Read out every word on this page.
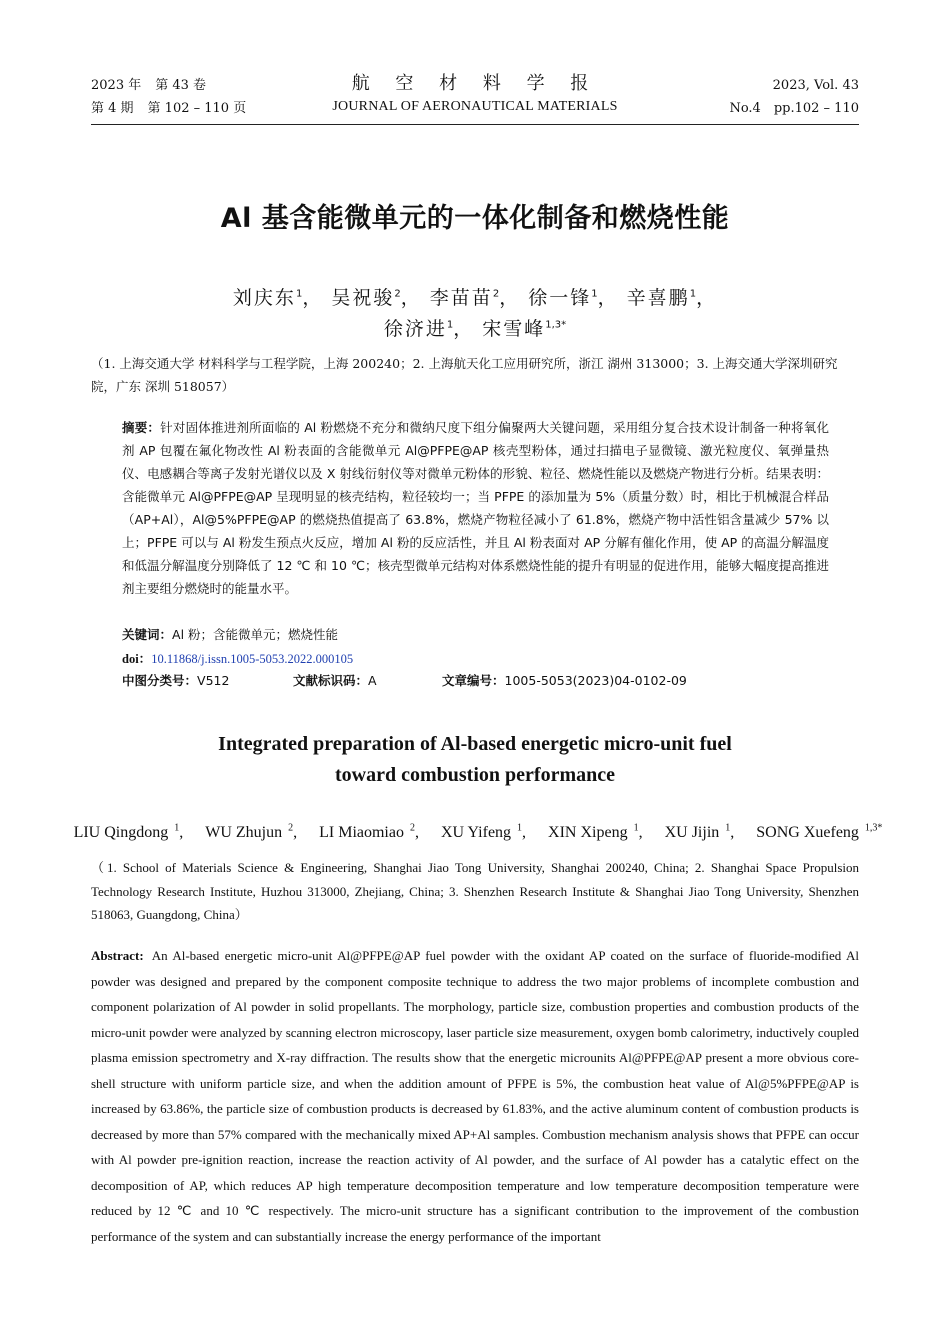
2023 年 第 43 卷
第 4 期 第 102 – 110 页
航 空 材 料 学 报
JOURNAL OF AERONAUTICAL MATERIALS
2023, Vol. 43
No.4　pp.102 – 110
Al 基含能微单元的一体化制备和燃烧性能
刘庆东$^1$， 吴祝骏$^2$， 李苗苗$^2$， 徐一锋$^1$， 辛喜鹏$^1$，
徐济进$^1$， 宋雪峰$^{1,3*}$
（1. 上海交通大学 材料科学与工程学院，上海 200240；2. 上海航天化工应用研究所，浙江 湖州 313000；3. 上海交通大学深圳研究院，广东 深圳 518057）
摘要：针对固体推进剂所面临的 Al 粉燃烧不充分和微纳尺度下组分偏聚两大关键问题，采用组分复合技术设计制备一种将氧化剂 AP 包覆在氟化物改性 Al 粉表面的含能微单元 Al@PFPE@AP 核壳型粉体，通过扫描电子显微镜、激光粒度仪、氧弹量热仪、电感耦合等离子发射光谱仪以及 X 射线衍射仪等对微单元粉体的形貌、粒径、燃烧性能以及燃烧产物进行分析。结果表明：含能微单元 Al@PFPE@AP 呈现明显的核壳结构，粒径较均一；当 PFPE 的添加量为 5%（质量分数）时，相比于机械混合样品（AP+Al），Al@5%PFPE@AP 的燃烧热值提高了 63.8%，燃烧产物粒径减小了 61.8%，燃烧产物中活性铝含量减少 57% 以上；PFPE 可以与 Al 粉发生预点火反应，增加 Al 粉的反应活性，并且 Al 粉表面对 AP 分解有催化作用，使 AP 的高温分解温度和低温分解温度分别降低了 12 ℃ 和 10 ℃；核壳型微单元结构对体系燃烧性能的提升有明显的促进作用，能够大幅度提高推进剂主要组分燃烧时的能量水平。
关键词：Al 粉；含能微单元；燃烧性能
doi：10.11868/j.issn.1005-5053.2022.000105
中图分类号：V512	文献标识码：A	文章编号：1005-5053(2023)04-0102-09
Integrated preparation of Al-based energetic micro-unit fuel
toward combustion performance
LIU Qingdong $^1$, WU Zhujun $^2$, LI Miaomiao $^2$, XU Yifeng $^1$, XIN Xipeng $^1$, XU Jijin $^1$, SONG Xuefeng $^{1,3*}$
（1. School of Materials Science & Engineering, Shanghai Jiao Tong University, Shanghai 200240, China; 2. Shanghai Space Propulsion Technology Research Institute, Huzhou 313000, Zhejiang, China; 3. Shenzhen Research Institute & Shanghai Jiao Tong University, Shenzhen 518063, Guangdong, China）
Abstract: An Al-based energetic micro-unit Al@PFPE@AP fuel powder with the oxidant AP coated on the surface of fluoride-modified Al powder was designed and prepared by the component composite technique to address the two major problems of incomplete combustion and component polarization of Al powder in solid propellants. The morphology, particle size, combustion properties and combustion products of the micro-unit powder were analyzed by scanning electron microscopy, laser particle size measurement, oxygen bomb calorimetry, inductively coupled plasma emission spectrometry and X-ray diffraction. The results show that the energetic microunits Al@PFPE@AP present a more obvious core-shell structure with uniform particle size, and when the addition amount of PFPE is 5%, the combustion heat value of Al@5%PFPE@AP is increased by 63.86%, the particle size of combustion products is decreased by 61.83%, and the active aluminum content of combustion products is decreased by more than 57% compared with the mechanically mixed AP+Al samples. Combustion mechanism analysis shows that PFPE can occur with Al powder pre-ignition reaction, increase the reaction activity of Al powder, and the surface of Al powder has a catalytic effect on the decomposition of AP, which reduces AP high temperature decomposition temperature and low temperature decomposition temperature were reduced by 12 ℃ and 10 ℃ respectively. The micro-unit structure has a significant contribution to the improvement of the combustion performance of the system and can substantially increase the energy performance of the important
